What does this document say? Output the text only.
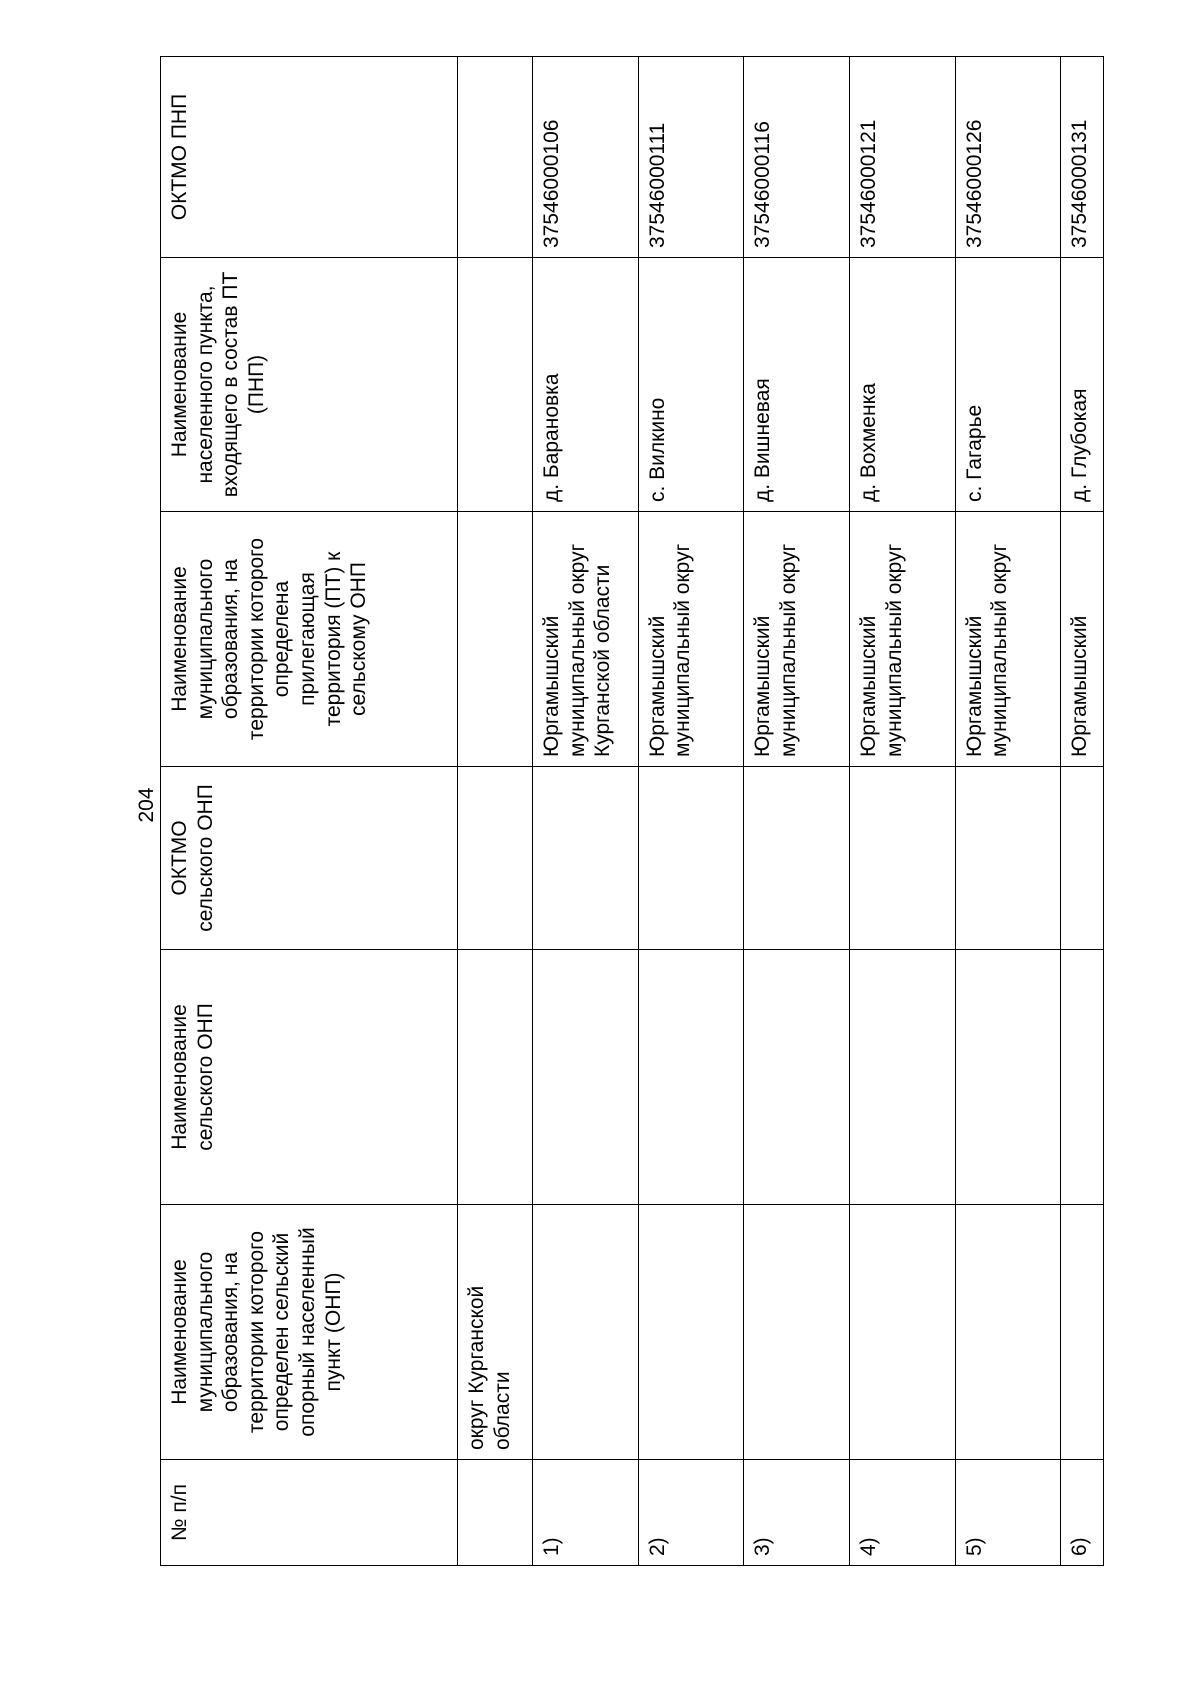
204
№ п/п	Наименование муниципального образования, на территории которого определен сельский опорный населенный пункт (ОНП)	Наименование сельского ОНП	ОКТМО сельского ОНП	Наименование муниципального образования, на территории которого определена прилегающая территория (ПТ) к сельскому ОНП	Наименование населенного пункта, входящего в состав ПТ (ПНП)	ОКТМО ПНП
	округ Курганской области					
1)				Юргамышский муниципальный округ Курганской области	д. Барановка	37546000106
2)				Юргамышский муниципальный округ	с. Вилкино	37546000111
3)				Юргамышский муниципальный округ	д. Вишневая	37546000116
4)				Юргамышский муниципальный округ	д. Вохменка	37546000121
5)				Юргамышский муниципальный округ	с. Гагарье	37546000126
6)				Юргамышский	д. Глубокая	37546000131
